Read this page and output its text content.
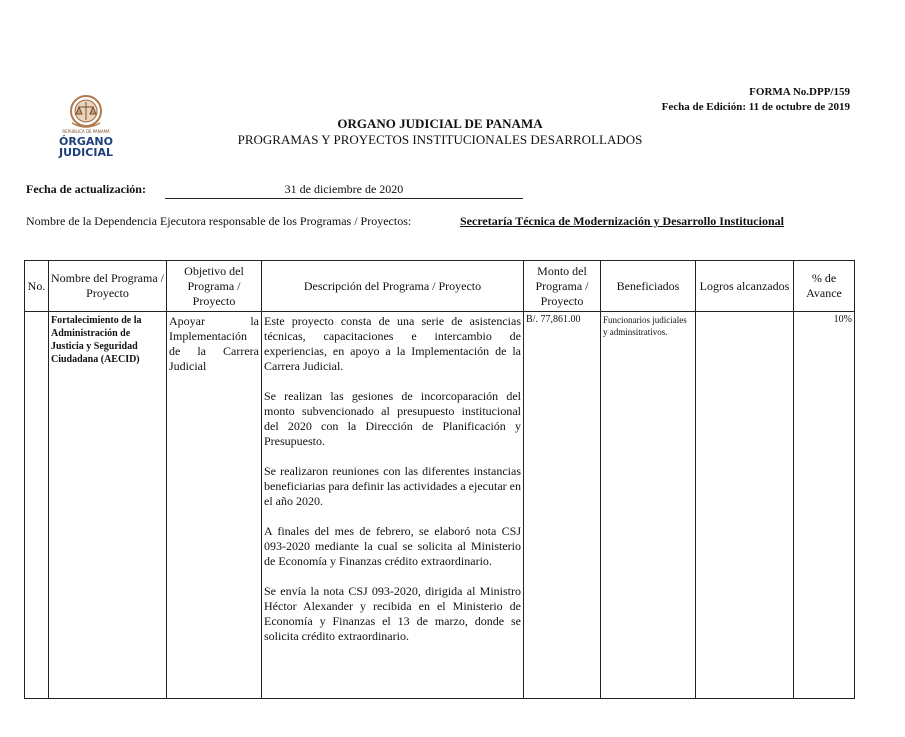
FORMA No.DPP/159
Fecha de Edición: 11 de octubre de 2019
REPÚBLICA DE PANAMÁ
ÓRGANO
JUDICIAL
ORGANO JUDICIAL DE PANAMA
PROGRAMAS Y PROYECTOS INSTITUCIONALES DESARROLLADOS
Fecha de actualización:	31 de diciembre de 2020
Nombre de la Dependencia Ejecutora responsable de los Programas / Proyectos:	Secretaría Técnica de Modernización y Desarrollo Institucional
No.	Nombre del Programa / Proyecto	Objetivo del Programa / Proyecto	Descripción del Programa / Proyecto	Monto del Programa / Proyecto	Beneficiados	Logros alcanzados	% de Avance
	Fortalecimiento de la Administración de Justicia y Seguridad Ciudadana (AECID)	Apoyar la Implementación de la Carrera Judicial	Este proyecto consta de una serie de asistencias técnicas, capacitaciones e intercambio de experiencias, en apoyo a la Implementación de la Carrera Judicial.

Se realizan las gesiones de incorcoparación del monto subvencionado al presupuesto institucional del 2020 con la Dirección de Planificación y Presupuesto.

Se realizaron reuniones con las diferentes instancias beneficiarias para definir las actividades a ejecutar en el año 2020.

A finales del mes de febrero, se elaboró nota CSJ 093-2020 mediante la cual se solicita al Ministerio de Economía y Finanzas crédito extraordinario.

Se envía la nota CSJ 093-2020, dirigida al Ministro Héctor Alexander y recibida en el Ministerio de Economía y Finanzas el 13 de marzo, donde se solicita crédito extraordinario.	B/. 77,861.00	Funcionarios judiciales y adminsitrativos.		10%
